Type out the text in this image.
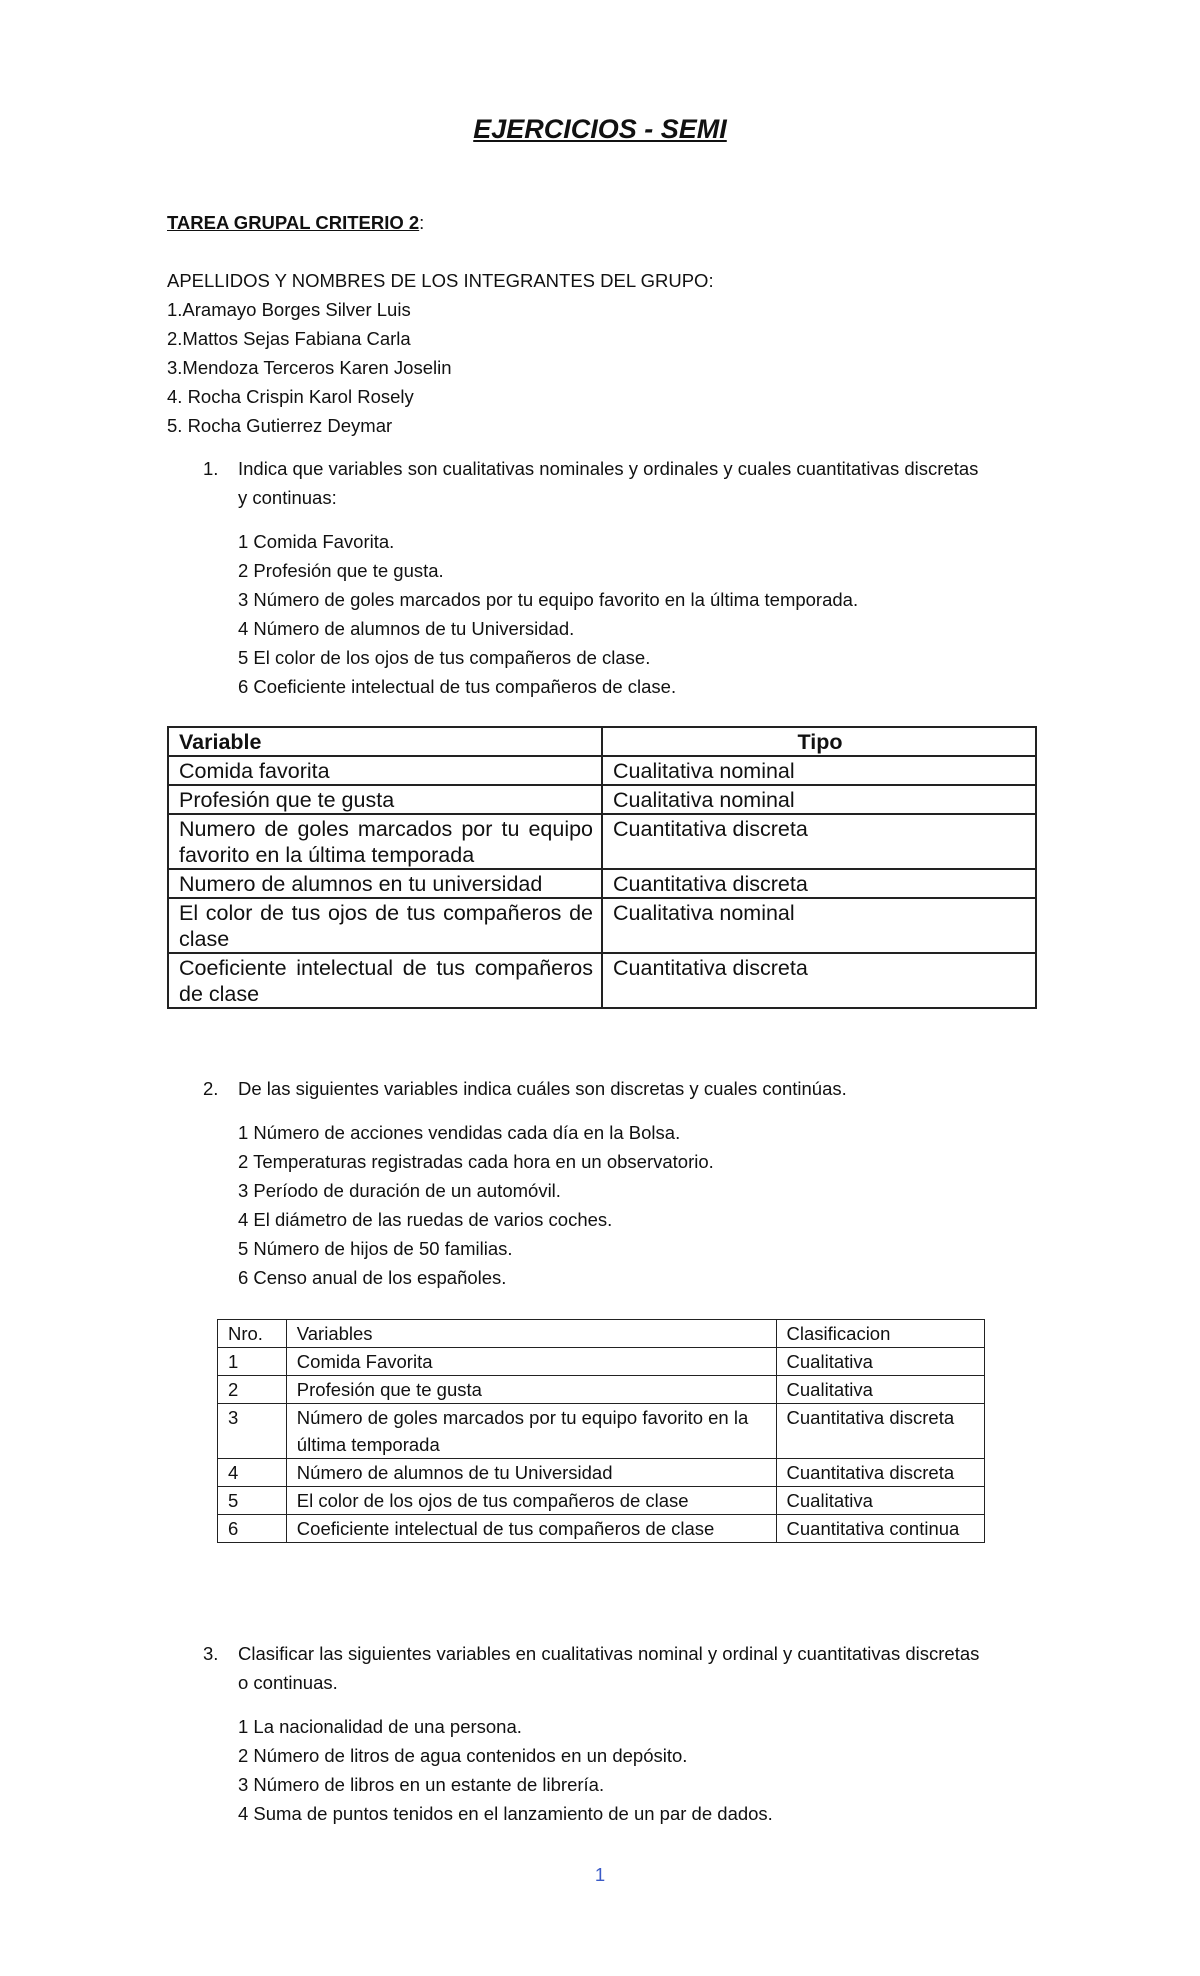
EJERCICIOS - SEMI
TAREA GRUPAL CRITERIO 2:
APELLIDOS Y NOMBRES DE LOS INTEGRANTES DEL GRUPO:
1.Aramayo Borges Silver Luis
2.Mattos Sejas Fabiana Carla
3.Mendoza Terceros Karen Joselin
4. Rocha Crispin Karol Rosely
5. Rocha Gutierrez Deymar
1. Indica que variables son cualitativas nominales y ordinales y cuales cuantitativas discretas
y continuas:
1 Comida Favorita.
2 Profesión que te gusta.
3 Número de goles marcados por tu equipo favorito en la última temporada.
4 Número de alumnos de tu Universidad.
5 El color de los ojos de tus compañeros de clase.
6 Coeficiente intelectual de tus compañeros de clase.
Variable	Tipo
Comida favorita	Cualitativa nominal
Profesión que te gusta	Cualitativa nominal
Numero de goles marcados por tu equipo favorito en la última temporada	Cuantitativa discreta
Numero de alumnos en tu universidad	Cuantitativa discreta
El color de tus ojos de tus compañeros de clase	Cualitativa nominal
Coeficiente intelectual de tus compañeros de clase	Cuantitativa discreta
2. De las siguientes variables indica cuáles son discretas y cuales continúas.
1 Número de acciones vendidas cada día en la Bolsa.
2 Temperaturas registradas cada hora en un observatorio.
3 Período de duración de un automóvil.
4 El diámetro de las ruedas de varios coches.
5 Número de hijos de 50 familias.
6 Censo anual de los españoles.
Nro.	Variables	Clasificacion
1	Comida Favorita	Cualitativa
2	Profesión que te gusta	Cualitativa
3	Número de goles marcados por tu equipo favorito en la última temporada	Cuantitativa discreta
4	Número de alumnos de tu Universidad	Cuantitativa discreta
5	El color de los ojos de tus compañeros de clase	Cualitativa
6	Coeficiente intelectual de tus compañeros de clase	Cuantitativa continua
3. Clasificar las siguientes variables en cualitativas nominal y ordinal y cuantitativas discretas
o continuas.
1 La nacionalidad de una persona.
2 Número de litros de agua contenidos en un depósito.
3 Número de libros en un estante de librería.
4 Suma de puntos tenidos en el lanzamiento de un par de dados.
1
